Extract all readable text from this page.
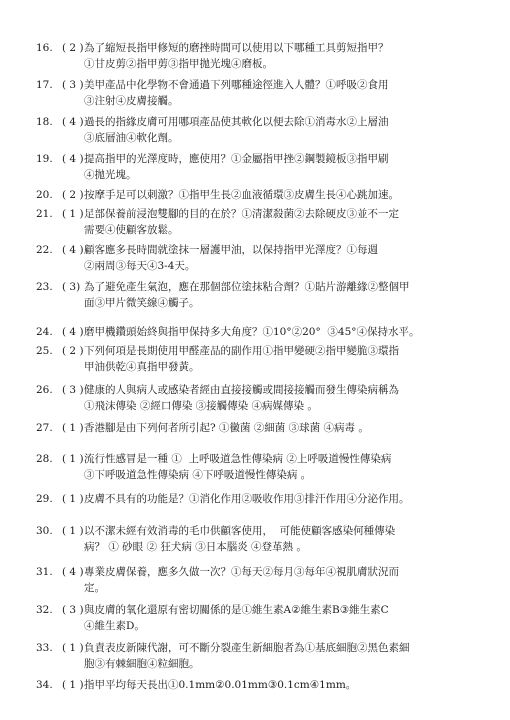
16. ( 2 ) 為了縮短長指甲修短的磨挫時間可以使用以下哪種工具剪短指甲？
①甘皮剪②指甲剪③指甲拋光塊④磨板。
17. ( 3 ) 美甲產品中化學物不會通過下列哪種途徑進入人體？①呼吸②食用
③注射④皮膚接觸。
18. ( 4 ) 過長的指緣皮膚可用哪項產品使其軟化以便去除①消毒水②上層油
③底層油④軟化劑。
19. ( 4 ) 提高指甲的光澤度時，應使用？①金屬指甲挫②鋼製鏡板③指甲刷
④拋光塊。
20. ( 2 ) 按摩手足可以刺激？①指甲生長②血液循環③皮膚生長④心跳加速。
21. ( 1 ) 足部保養前浸泡雙腳的目的在於？①清潔殺菌②去除硬皮③並不一定
需要④使顧客放鬆。
22. ( 4 ) 顧客應多長時間就塗抹一層護甲油，以保持指甲光澤度？①每週
②兩周③每天④3-4天。
23. ( 3) 為了避免產生氣泡，應在那個部位塗抹粘合劑？①貼片游離緣②整個甲
面③甲片微笑線④觸子。
24. ( 4 ) 磨甲機鑽頭始終與指甲保持多大角度？①10°②20°  ③45°④保持水平。
25. ( 2 ) 下列何項是長期使用甲醛產品的副作用①指甲變硬②指甲變脆③環指
甲油供乾④真指甲發黃。
26. ( 3 ) 健康的人與病人或感染者經由直接接觸或間接接觸而發生傳染病稱為
①飛沫傳染 ②經口傳染 ③接觸傳染 ④病媒傳染 。
27. ( 1 ) 香港腳是由下列何者所引起? ①黴菌 ②細菌 ③球菌 ④病毒 。
28. ( 1 ) 流行性感冒是一種 ①  上呼吸道急性傳染病 ②上呼吸道慢性傳染病
③下呼吸道急性傳染病 ④下呼吸道慢性傳染病 。
29. ( 1 ) 皮膚不具有的功能是？①消化作用②吸收作用③排汗作用④分泌作用。
30. ( 1 ) 以不潔未經有效消毒的毛巾供顧客使用，  可能使顧客感染何種傳染
病？ ① 砂眼 ② 狂犬病 ③日本腦炎 ④登革熱 。
31. ( 4 ) 專業皮膚保養，應多久做一次？①每天②每月③每年④視肌膚狀況而
定。
32. ( 3 ) 與皮膚的氧化還原有密切關係的是①維生素A②維生素B③維生素C
④維生素D。
33. ( 1 ) 負責表皮新陳代謝，可不斷分裂產生新細胞者為①基底細胞②黑色素細
胞③有棘細胞④粒細胞。
34. ( 1 ) 指甲平均每天長出①0.1mm②0.01mm③0.1cm④1mm。
